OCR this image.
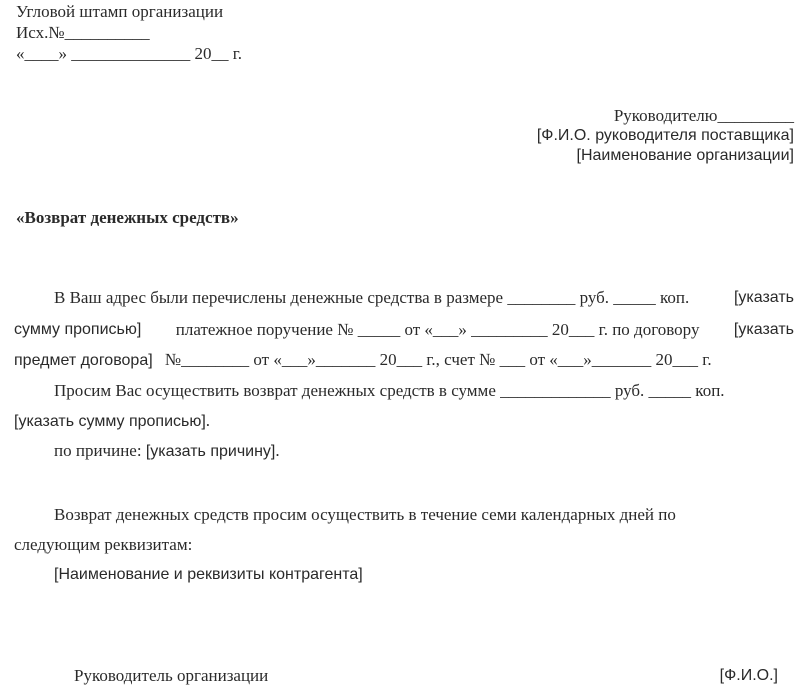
Угловой штамп организации
Исх.№__________
«____» ______________ 20__ г.
Руководителю_________
[Ф.И.О. руководителя поставщика]
[Наименование организации]
«Возврат денежных средств»
В Ваш адрес были перечислены денежные средства в размере ________ руб. _____ коп.	[указать
сумму прописью] платежное поручение № _____ от «___» _________ 20___ г. по договору [указать
предмет договора] №________ от «___»_______ 20___ г., счет № ___ от «___»_______ 20___ г.
Просим Вас осуществить возврат денежных средств в сумме _____________ руб. _____ коп.
[указать сумму прописью].
по причине: [указать причину].
Возврат денежных средств просим осуществить в течение семи календарных дней по
следующим реквизитам:
[Наименование и реквизиты контрагента]
Руководитель организации	[Ф.И.О.]
